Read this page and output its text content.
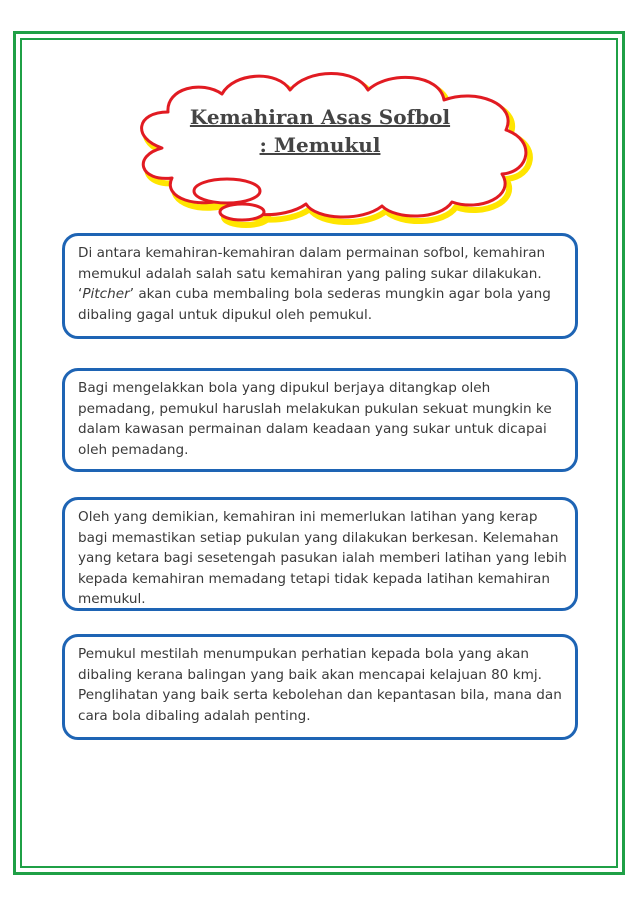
Kemahiran Asas Sofbol
: Memukul

Di antara kemahiran-kemahiran dalam permainan sofbol, kemahiran memukul adalah salah satu kemahiran yang paling sukar dilakukan. ‘Pitcher’ akan cuba membaling bola sederas mungkin agar bola yang dibaling gagal untuk dipukul oleh pemukul.

Bagi mengelakkan bola yang dipukul berjaya ditangkap oleh pemadang, pemukul haruslah melakukan pukulan sekuat mungkin ke dalam kawasan permainan dalam keadaan yang sukar untuk dicapai oleh pemadang.

Oleh yang demikian, kemahiran ini memerlukan latihan yang kerap bagi memastikan setiap pukulan yang dilakukan berkesan. Kelemahan yang ketara bagi sesetengah pasukan ialah memberi latihan yang lebih kepada kemahiran memadang tetapi tidak kepada latihan kemahiran memukul.

Pemukul mestilah menumpukan perhatian kepada bola yang akan dibaling kerana balingan yang baik akan mencapai kelajuan 80 kmj. Penglihatan yang baik serta kebolehan dan kepantasan bila, mana dan cara bola dibaling adalah penting.
